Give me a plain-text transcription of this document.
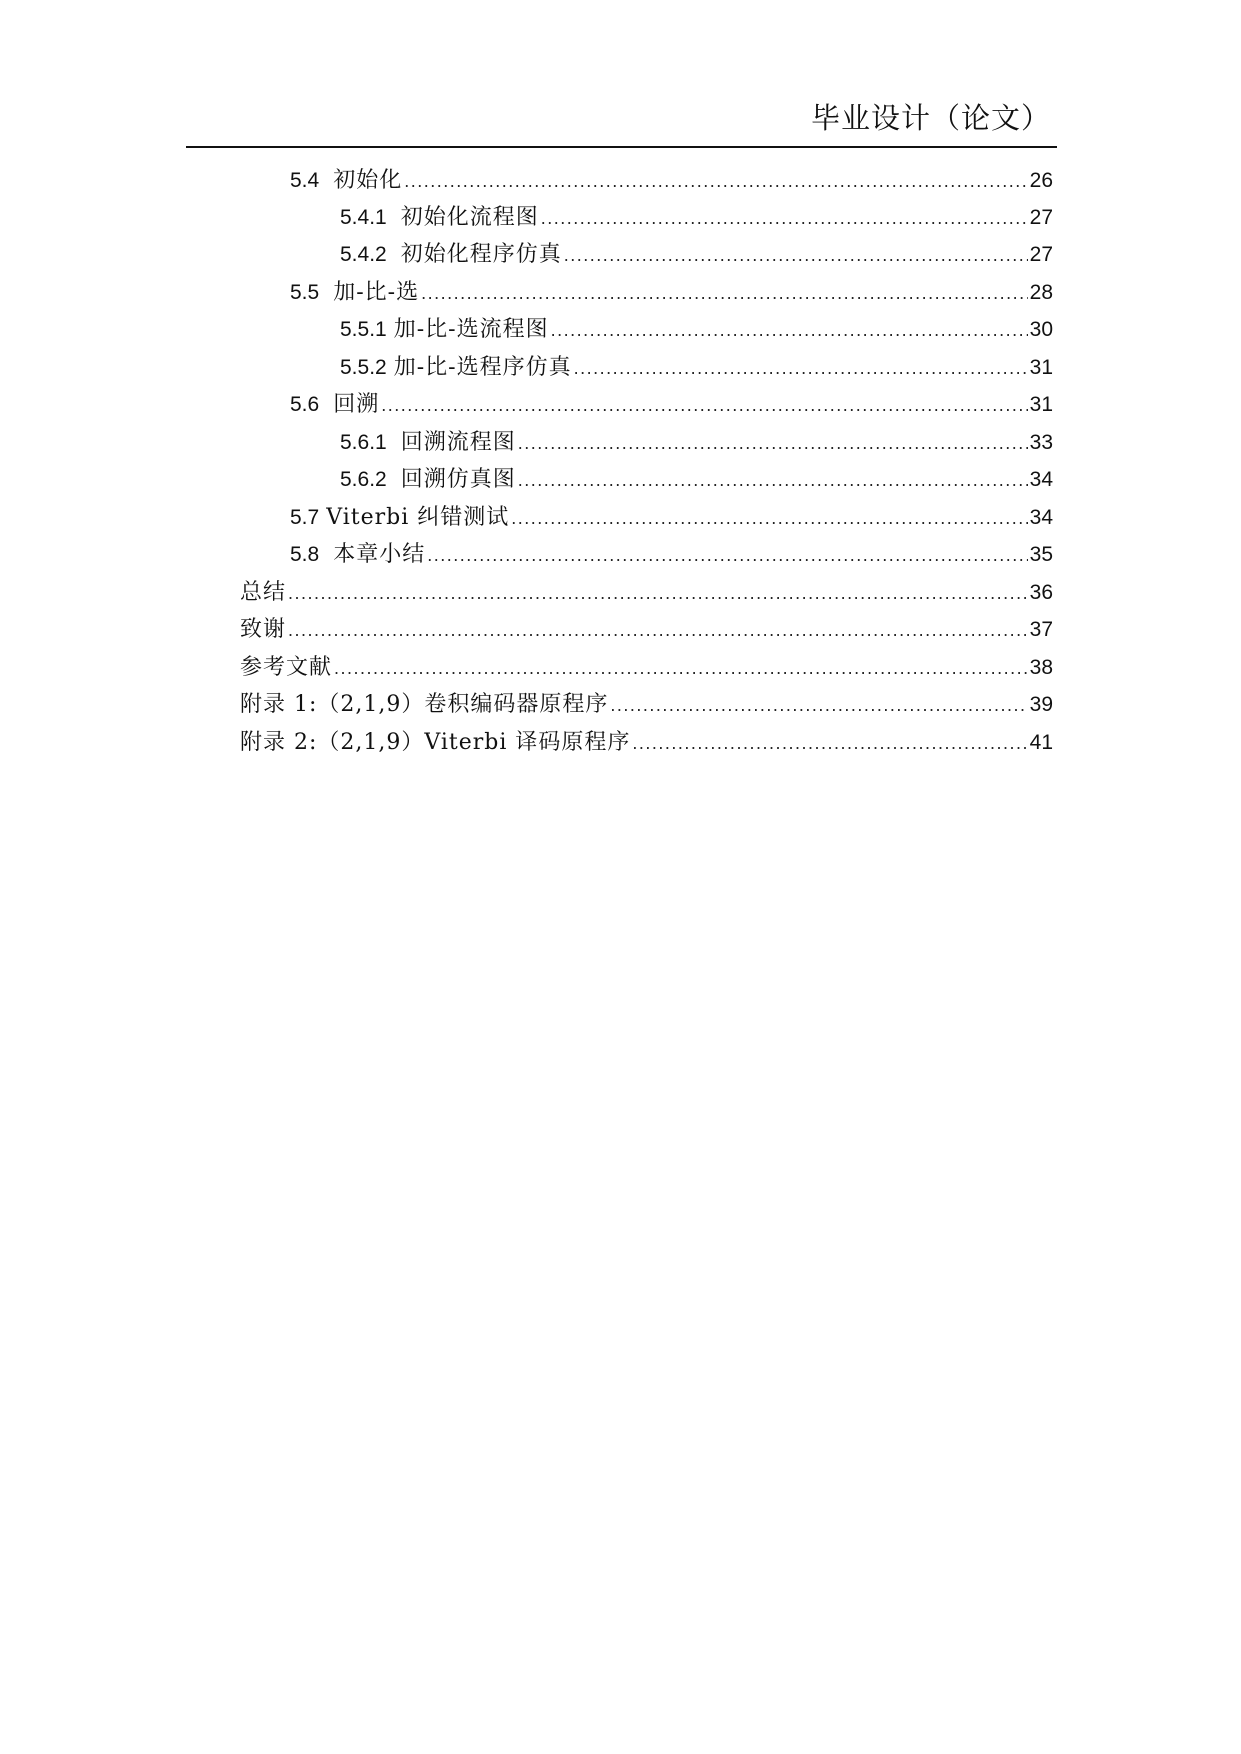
毕业设计（论文）
5.4 初始化 .....	26
5.4.1 初始化流程图 .....	27
5.4.2 初始化程序仿真 .....	27
5.5 加-比-选 .....	28
5.5.1 加-比-选流程图 .....	30
5.5.2 加-比-选程序仿真 .....	31
5.6 回溯 .....	31
5.6.1 回溯流程图 .....	33
5.6.2 回溯仿真图 .....	34
5.7 Viterbi 纠错测试 .....	34
5.8 本章小结 .....	35
总结 .....	36
致谢 .....	37
参考文献 .....	38
附录 1:（2,1,9）卷积编码器原程序 .....	39
附录 2:（2,1,9）Viterbi 译码原程序 .....	41
